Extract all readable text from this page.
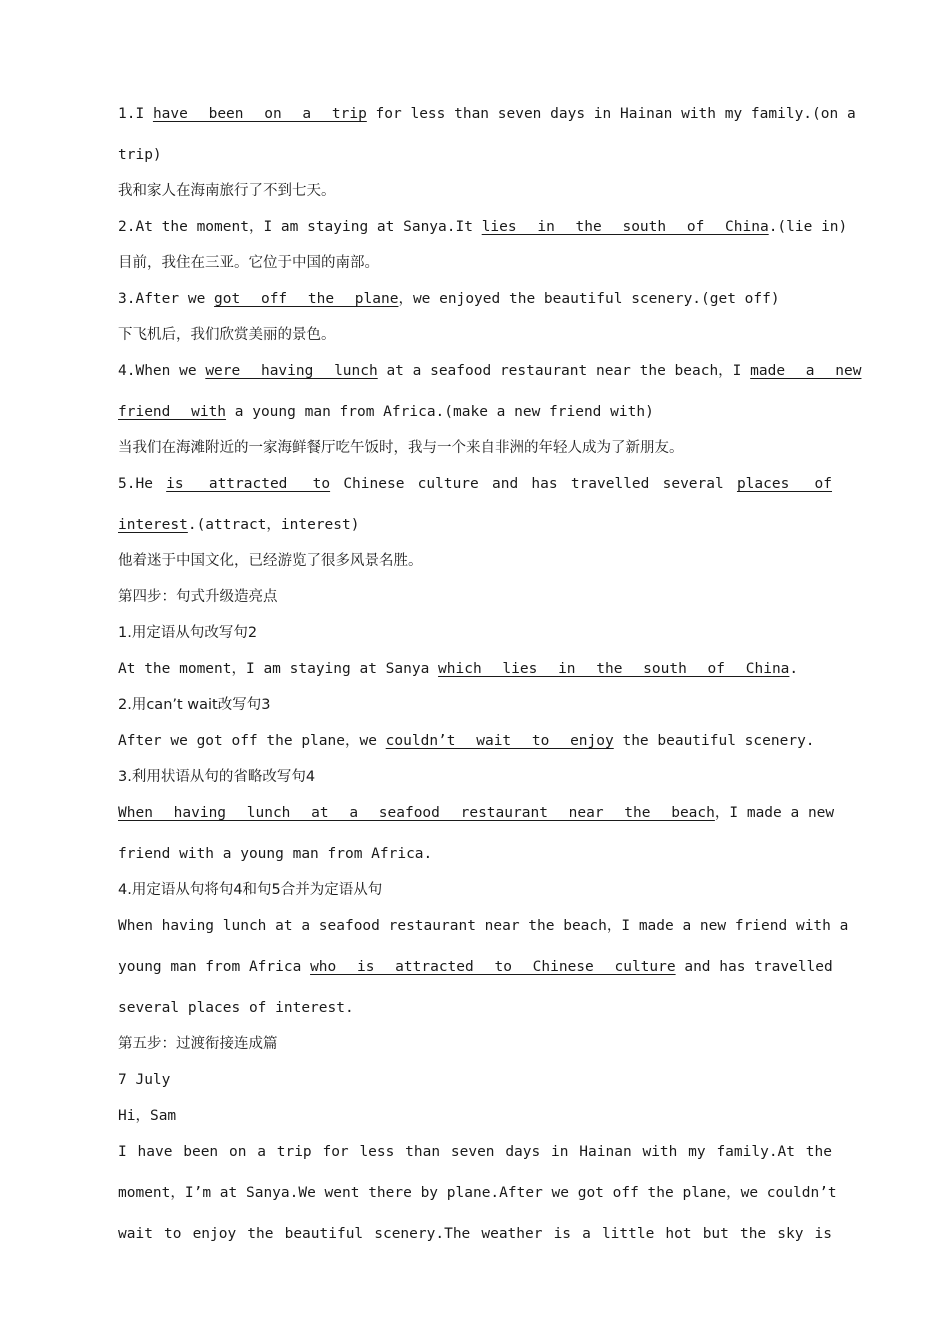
1.I have been on a trip for less than seven days in Hainan with my family.(on a
trip)
我和家人在海南旅行了不到七天。
2.At the moment，I am staying at Sanya.It lies in the south of China.(lie in)
目前，我住在三亚。它位于中国的南部。
3.After we got off the plane，we enjoyed the beautiful scenery.(get off)
下飞机后，我们欣赏美丽的景色。
4.When we were having lunch at a seafood restaurant near the beach，I made a new
friend with a young man from Africa.(make a new friend with)
当我们在海滩附近的一家海鲜餐厅吃午饭时，我与一个来自非洲的年轻人成为了新朋友。
5.He is attracted to Chinese culture and has travelled several places of
interest.(attract，interest)
他着迷于中国文化，已经游览了很多风景名胜。
第四步：句式升级造亮点
1.用定语从句改写句2
At the moment，I am staying at Sanya which lies in the south of China.
2.用can’t wait改写句3
After we got off the plane，we couldn’t wait to enjoy the beautiful scenery.
3.利用状语从句的省略改写句4
When having lunch at a seafood restaurant near the beach，I made a new
friend with a young man from Africa.
4.用定语从句将句4和句5合并为定语从句
When having lunch at a seafood restaurant near the beach，I made a new friend with a
young man from Africa who is attracted to Chinese culture and has travelled
several places of interest.
第五步：过渡衔接连成篇
7 July
Hi，Sam
I have been on a trip for less than seven days in Hainan with my family.At the
moment，I’m at Sanya.We went there by plane.After we got off the plane，we couldn’t
wait to enjoy the beautiful scenery.The weather is a little hot but the sky is
